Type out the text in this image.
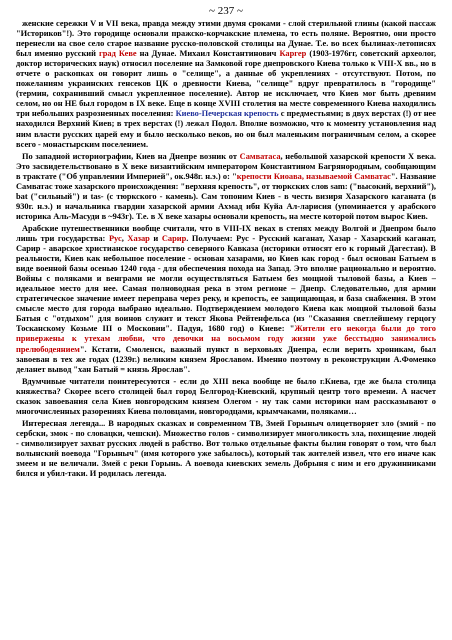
~ 237 ~

женские сережки V и VII века, правда между этими двумя сроками - слой стерильной глины (какой пассаж "Историков"!). Это городище основали пражско-корчакские племена, то есть поляне. Вероятно, они просто перенесли на свое село старое название русско-половской столицы на Дунае. Т.е. во всех былинах-летописях был именно русский град Кеве на Дунае. Михаил Константинович Каргер (1903-1976гг, советский археолог, доктор исторических наук) относил поселение на Замковой горе днепровского Киева только к VIII-X вв., но в отчете о раскопках он говорит лишь о "селище", а данные об укреплениях - отсутствуют. Потом, по пожеланиям украинских генсеков ЦК о древности Киева, "селище" вдруг превратилось в "городище" (термин, сохранивший смысл укрепленное поселение). Автор не исключает, что Киев мог быть древним селом, но он НЕ был городом в IX веке. Еще в конце XVIII столетия на месте современного Киева находились три небольших разрозненных поселения: Киево-Печерская крепость с предместьями; в двух верстах (!) от нее находился Верхний Киев; в трех верстах (!) лежал Подол. Вполне возможно, что к моменту установления над ним власти русских царей ему и было несколько веков, но он был маленьким пограничным селом, а скорее всего - монастырским поселением.

По западной историографии, Киев на Днепре возник от Самватаса, небольшой хазарской крепости X века. Это засвидетельствовано в X веке византийским императором Константином Багрянородным, сообщающим в трактате ("Об управлении Империей", ок.948г. н.э.) о: "крепости Киоава, называемой Самватас". Название Самватас тоже хазарского происхождения: "верхняя крепость", от тюркских слов sam: ("высокий, верхний"), bat ("сильный") и tas- (с тюркского - камень). Сам топоним Киев - в честь визиря Хазарского каганата (в 930г. н.э.) и начальника гвардии хазарской армии Ахмад ибн Куйа Ал-ларисия (упоминается у арабского историка Аль-Масуди в ~943г). Т.е. в X веке хазары основали крепость, на месте которой потом вырос Киев.

Арабские путешественники вообще считали, что в VIII-IX веках в степях между Волгой и Днепром было лишь три государства: Рус, Хазар и Сарир. Получаем: Рус - Русский каганат, Хазар - Хазарский каганат, Сарир - аварское христианское государство северного Кавказа (историки относят его к горный Дагестан). В реальности, Киев как небольшое поселение - основан хазарами, но Киев как город - был основан Батыем в виде военной базы осенью 1240 года - для обеспечения похода на Запад. Это вполне рационально и вероятно. Войны с поляками и венграми не могли осуществляться Батыем без мощной тыловой базы, а Киев – идеальное место для нее. Самая полноводная река в этом регионе – Днепр. Следовательно, для армии стратегическое значение имеет переправа через реку, и крепость, ее защищающая, и база снабжения. В этом смысле место для города выбрано идеально. Подтверждением молодого Киева как мощной тыловой базы Батыя с "отдыхом" для воинов служит и текст Якова Рейтенфельса (из "Сказания светлейшему герцогу Тосканскому Козьме III о Московии". Падуя, 1680 год) о Киеве: "Жители его некогда были до того привержены к утехам любви, что девочки на восьмом году жизни уже бесстыдно занимались прелюбодеянием". Кстати, Смоленск, важный пункт в верховьях Днепра, если верить хроникам, был завоеван в тех же годах (1239г.) великим князем Ярославом. Именно поэтому в реконструкции А.Фоменко деланет вывод "хан Батый = князь Ярослав".

Вдумчивые читатели поинтересуются - если до XIII века вообще не было г.Киева, где же была столица княжества? Скорее всего столицей был город Белгород-Киевский, крупный центр того времени. А насчет сказок завоевания села Киев новгородским князем Олегом - ну так сами историки нам рассказывают о многочисленных разорениях Киева половцами, новгородцами, крымчаками, поляками…

Интересная легенда... В народных сказках и современном ТВ, Змей Горыныч олицетворяет зло (змий - по сербски, змок - по словацки, чешски). Множество голов - символизирует многоликость зла, похищение людей - символизирует захват русских людей в рабство. Вот только отдельные факты былин говорят о том, что был волынский воевода "Горыныч" (имя которого уже забылось), который так жителей извел, что его иначе как змеем и не величали. Змей с реки Горынь. А воевода киевских земель Добрыня с ним и его дружинниками бился и убил-таки. И родилась легенда.
